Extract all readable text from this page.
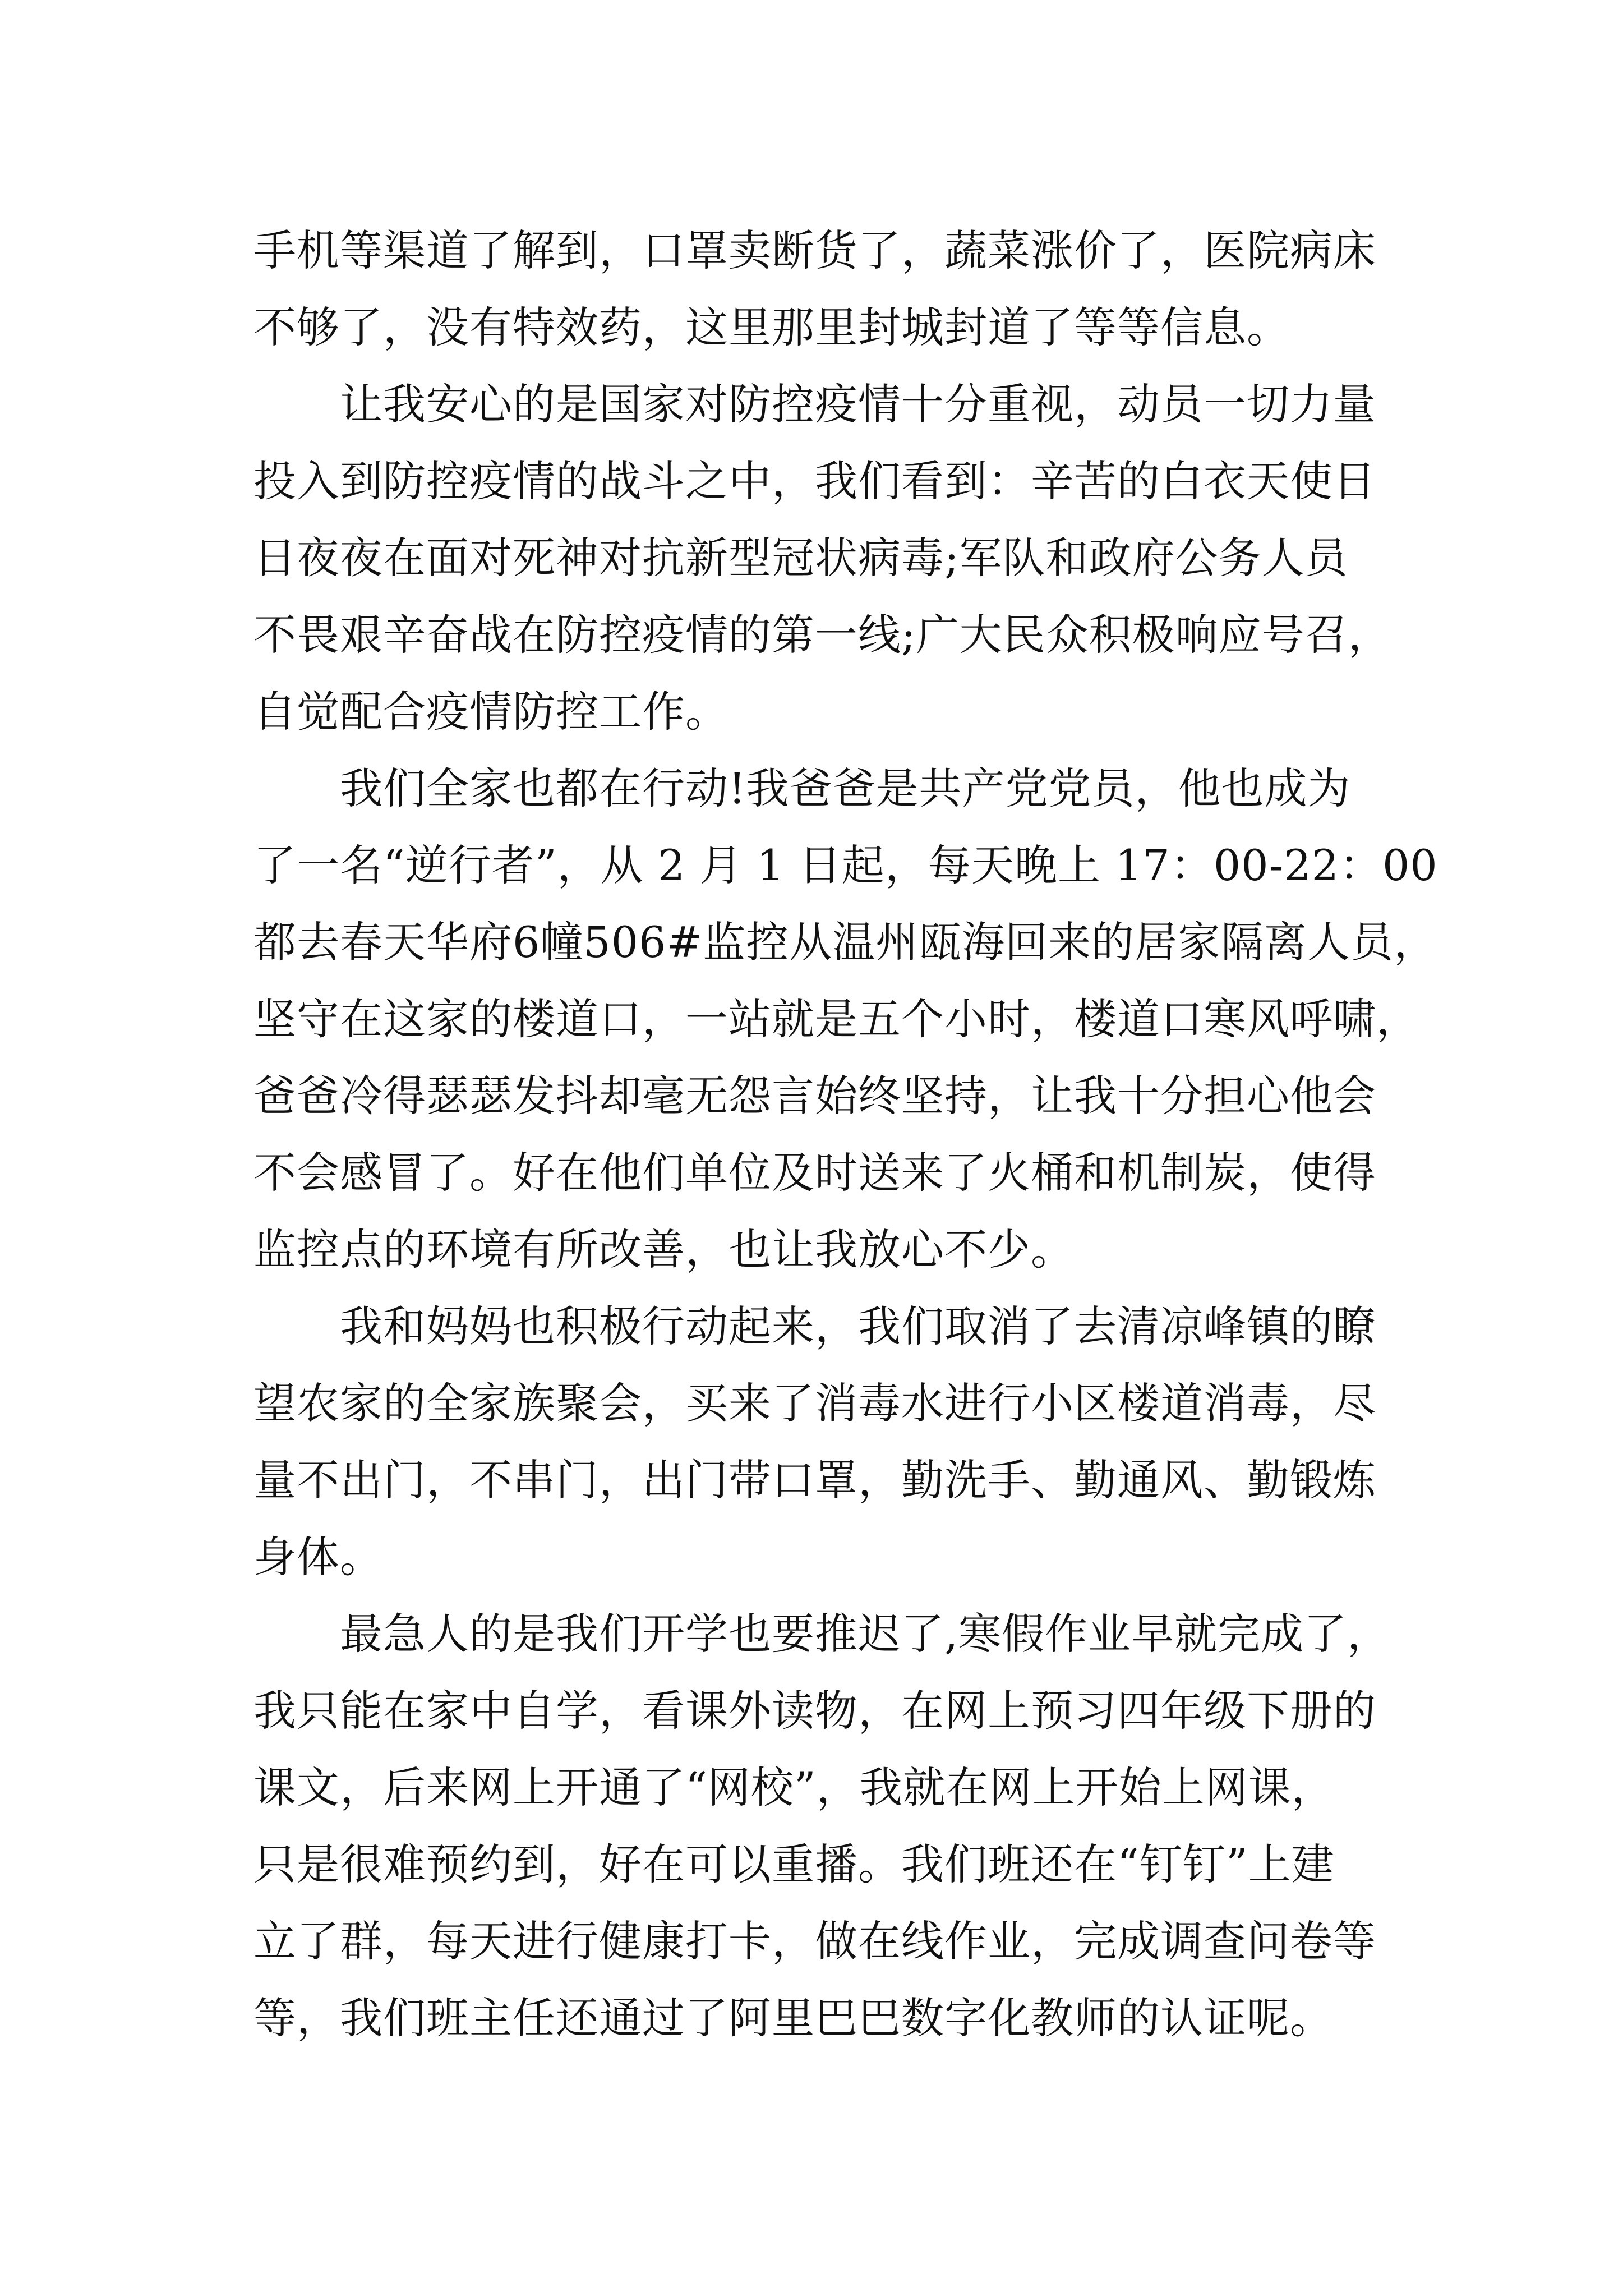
手机等渠道了解到，口罩卖断货了，蔬菜涨价了，医院病床
不够了，没有特效药，这里那里封城封道了等等信息。
　　让我安心的是国家对防控疫情十分重视，动员一切力量
投入到防控疫情的战斗之中，我们看到：辛苦的白衣天使日
日夜夜在面对死神对抗新型冠状病毒;军队和政府公务人员
不畏艰辛奋战在防控疫情的第一线;广大民众积极响应号召，
自觉配合疫情防控工作。
　　我们全家也都在行动!我爸爸是共产党党员，他也成为
了一名“逆行者”，从 2 月 1 日起，每天晚上 17：00-22：00
都去春天华府6幢506#监控从温州瓯海回来的居家隔离人员，
坚守在这家的楼道口，一站就是五个小时，楼道口寒风呼啸，
爸爸冷得瑟瑟发抖却毫无怨言始终坚持，让我十分担心他会
不会感冒了。好在他们单位及时送来了火桶和机制炭，使得
监控点的环境有所改善，也让我放心不少。
　　我和妈妈也积极行动起来，我们取消了去清凉峰镇的瞭
望农家的全家族聚会，买来了消毒水进行小区楼道消毒，尽
量不出门，不串门，出门带口罩，勤洗手、勤通风、勤锻炼
身体。
　　最急人的是我们开学也要推迟了,寒假作业早就完成了，
我只能在家中自学，看课外读物，在网上预习四年级下册的
课文，后来网上开通了“网校”，我就在网上开始上网课，
只是很难预约到，好在可以重播。我们班还在“钉钉”上建
立了群，每天进行健康打卡，做在线作业，完成调查问卷等
等，我们班主任还通过了阿里巴巴数字化教师的认证呢。
